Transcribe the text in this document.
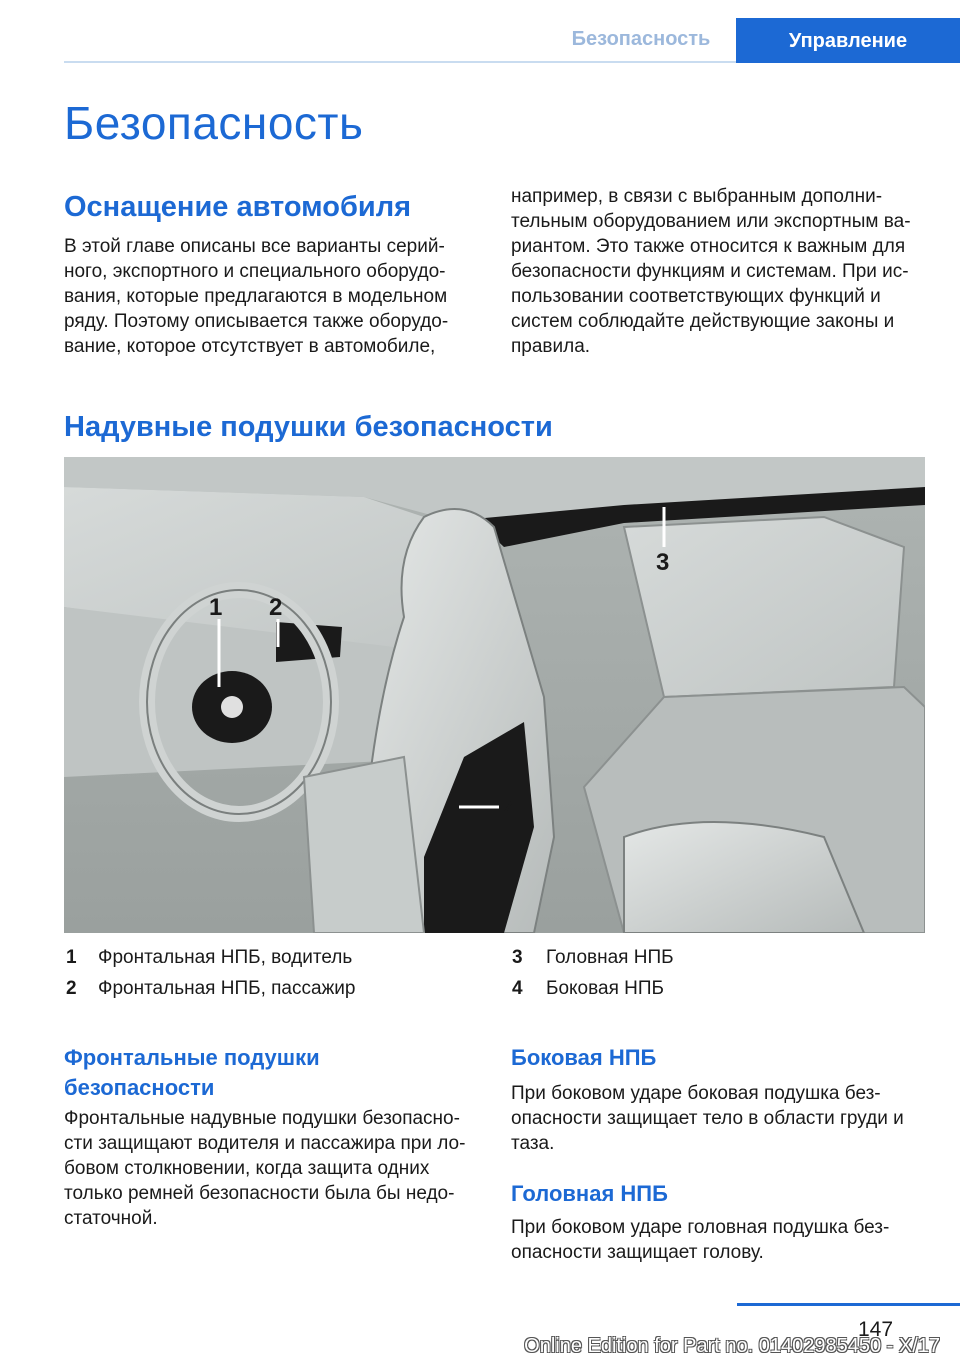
Безопасность	Управление
Безопасность
Оснащение автомобиля
В этой главе описаны все варианты серий-
ного, экспортного и специального оборудо-
вания, которые предлагаются в модельном
ряду. Поэтому описывается также оборудо-
вание, которое отсутствует в автомобиле,
например, в связи с выбранным дополни-
тельным оборудованием или экспортным ва-
риантом. Это также относится к важным для
безопасности функциям и системам. При ис-
пользовании соответствующих функций и
систем соблюдайте действующие законы и
правила.
Надувные подушки безопасности
1 2
3
4
1 Фронтальная НПБ, водитель
2 Фронтальная НПБ, пассажир
3 Головная НПБ
4 Боковая НПБ
Фронтальные подушки
безопасности
Фронтальные надувные подушки безопасно-
сти защищают водителя и пассажира при ло-
бовом столкновении, когда защита одних
только ремней безопасности была бы недо-
статочной.
Боковая НПБ
При боковом ударе боковая подушка без-
опасности защищает тело в области груди и
таза.
Головная НПБ
При боковом ударе головная подушка без-
опасности защищает голову.
147
Online Edition for Part no. 01402985450 - X/17
